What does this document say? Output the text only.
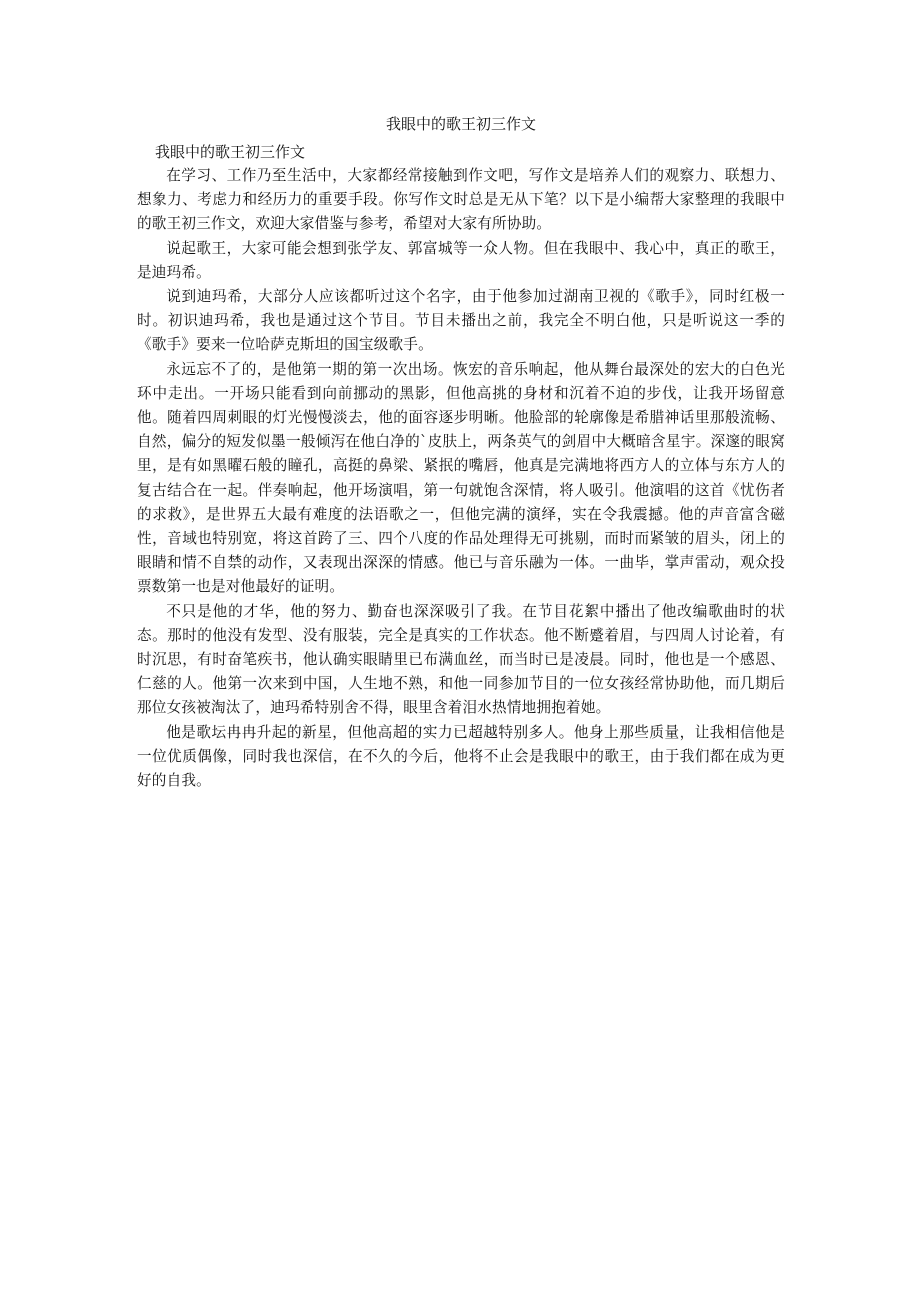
我眼中的歌王初三作文

我眼中的歌王初三作文

在学习、工作乃至生活中，大家都经常接触到作文吧，写作文是培养人们的观察力、联想力、想象力、考虑力和经历力的重要手段。你写作文时总是无从下笔？以下是小编帮大家整理的我眼中的歌王初三作文，欢迎大家借鉴与参考，希望对大家有所协助。

说起歌王，大家可能会想到张学友、郭富城等一众人物。但在我眼中、我心中，真正的歌王，是迪玛希。

说到迪玛希，大部分人应该都听过这个名字，由于他参加过湖南卫视的《歌手》，同时红极一时。初识迪玛希，我也是通过这个节目。节目未播出之前，我完全不明白他，只是听说这一季的《歌手》要来一位哈萨克斯坦的国宝级歌手。

永远忘不了的，是他第一期的第一次出场。恢宏的音乐响起，他从舞台最深处的宏大的白色光环中走出。一开场只能看到向前挪动的黑影，但他高挑的身材和沉着不迫的步伐，让我开场留意他。随着四周刺眼的灯光慢慢淡去，他的面容逐步明晰。他脸部的轮廓像是希腊神话里那般流畅、自然，偏分的短发似墨一般倾泻在他白净的`皮肤上，两条英气的剑眉中大概暗含星宇。深邃的眼窝里，是有如黑曜石般的瞳孔，高挺的鼻梁、紧抿的嘴唇，他真是完满地将西方人的立体与东方人的复古结合在一起。伴奏响起，他开场演唱，第一句就饱含深情，将人吸引。他演唱的这首《忧伤者的求救》，是世界五大最有难度的法语歌之一，但他完满的演绎，实在令我震撼。他的声音富含磁性，音域也特别宽，将这首跨了三、四个八度的作品处理得无可挑剔，而时而紧皱的眉头，闭上的眼睛和情不自禁的动作，又表现出深深的情感。他已与音乐融为一体。一曲毕，掌声雷动，观众投票数第一也是对他最好的证明。

不只是他的才华，他的努力、勤奋也深深吸引了我。在节目花絮中播出了他改编歌曲时的状态。那时的他没有发型、没有服装，完全是真实的工作状态。他不断蹙着眉，与四周人讨论着，有时沉思，有时奋笔疾书，他认确实眼睛里已布满血丝，而当时已是凌晨。同时，他也是一个感恩、仁慈的人。他第一次来到中国，人生地不熟，和他一同参加节目的一位女孩经常协助他，而几期后那位女孩被淘汰了，迪玛希特别舍不得，眼里含着泪水热情地拥抱着她。

他是歌坛冉冉升起的新星，但他高超的实力已超越特别多人。他身上那些质量，让我相信他是一位优质偶像，同时我也深信，在不久的今后，他将不止会是我眼中的歌王，由于我们都在成为更好的自我。
